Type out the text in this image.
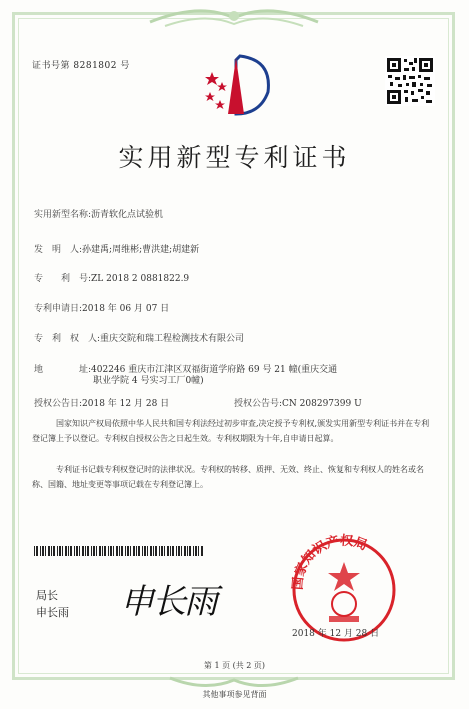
证书号第 8281802 号
实用新型专利证书
实用新型名称:沥青软化点试验机
发　明　人:孙建禹;周维彬;曹洪建;胡建新
专　　利　号:ZL 2018 2 0881822.9
专利申请日:2018 年 06 月 07 日
专　利　权　人:重庆交院和瑞工程检测技术有限公司
地　　　　址:402246 重庆市江津区双福街道学府路 69 号 21 幢(重庆交通
职业学院 4 号实习工厂0幢)
授权公告日:2018 年 12 月 28 日	授权公告号:CN 208297399 U
国家知识产权局依照中华人民共和国专利法经过初步审查,决定授予专利权,颁发实用新型专利证书并在专利登记簿上予以登记。专利权自授权公告之日起生效。专利权期限为十年,自申请日起算。
专利证书记载专利权登记时的法律状况。专利权的转移、质押、无效、终止、恢复和专利权人的姓名或名称、国籍、地址变更等事项记载在专利登记簿上。
局长
申长雨 申长雨	国家知识产权局
2018 年 12 月 28 日
第 1 页 (共 2 页)
其他事项参见背面
